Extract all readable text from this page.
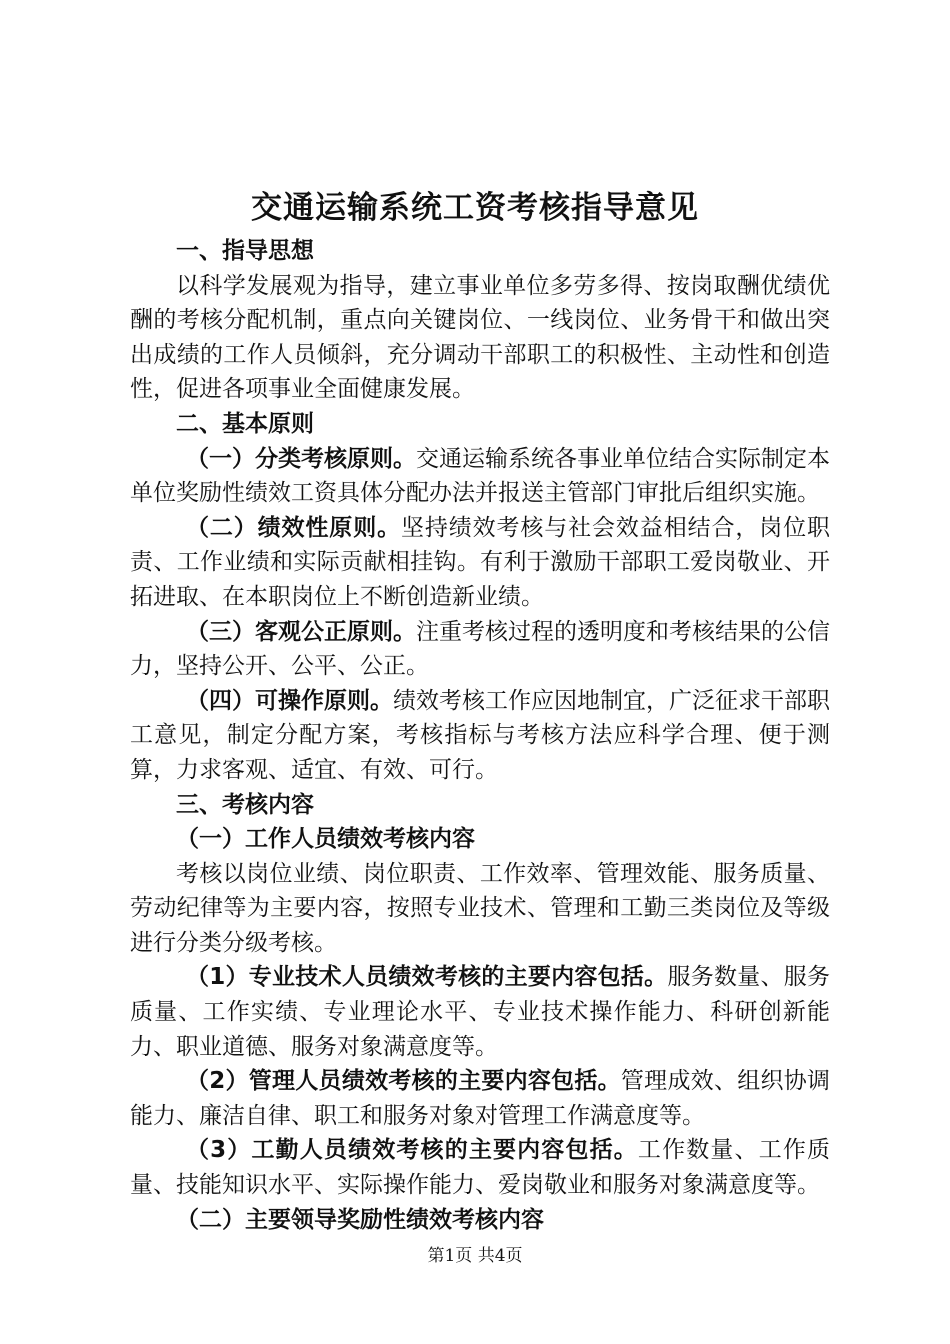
交通运输系统工资考核指导意见

一、指导思想

以科学发展观为指导，建立事业单位多劳多得、按岗取酬优绩优酬的考核分配机制，重点向关键岗位、一线岗位、业务骨干和做出突出成绩的工作人员倾斜，充分调动干部职工的积极性、主动性和创造性，促进各项事业全面健康发展。

二、基本原则

（一）分类考核原则。交通运输系统各事业单位结合实际制定本单位奖励性绩效工资具体分配办法并报送主管部门审批后组织实施。

（二）绩效性原则。坚持绩效考核与社会效益相结合，岗位职责、工作业绩和实际贡献相挂钩。有利于激励干部职工爱岗敬业、开拓进取、在本职岗位上不断创造新业绩。

（三）客观公正原则。注重考核过程的透明度和考核结果的公信力，坚持公开、公平、公正。

（四）可操作原则。绩效考核工作应因地制宜，广泛征求干部职工意见，制定分配方案，考核指标与考核方法应科学合理、便于测算，力求客观、适宜、有效、可行。

三、考核内容

（一）工作人员绩效考核内容

考核以岗位业绩、岗位职责、工作效率、管理效能、服务质量、劳动纪律等为主要内容，按照专业技术、管理和工勤三类岗位及等级进行分类分级考核。

（1）专业技术人员绩效考核的主要内容包括。服务数量、服务质量、工作实绩、专业理论水平、专业技术操作能力、科研创新能力、职业道德、服务对象满意度等。

（2）管理人员绩效考核的主要内容包括。管理成效、组织协调能力、廉洁自律、职工和服务对象对管理工作满意度等。

（3）工勤人员绩效考核的主要内容包括。工作数量、工作质量、技能知识水平、实际操作能力、爱岗敬业和服务对象满意度等。

（二）主要领导奖励性绩效考核内容

第1页 共4页
